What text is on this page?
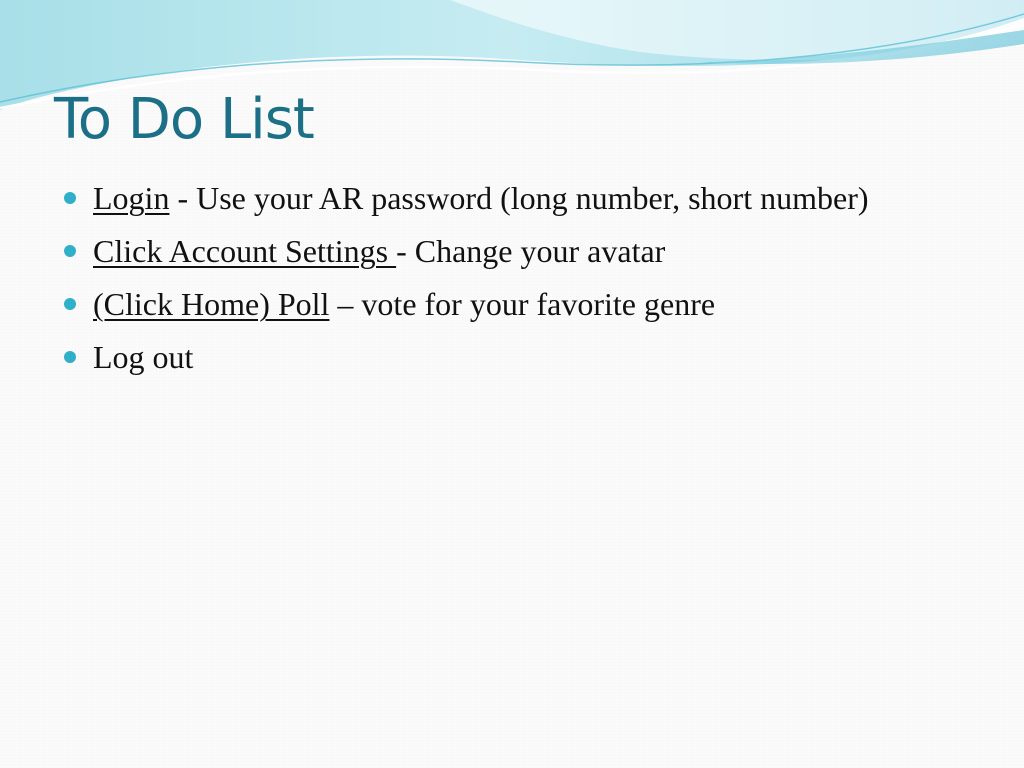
To Do List
Login - Use your AR password (long number, short number)
Click Account Settings - Change your avatar
(Click Home) Poll – vote for your favorite genre
Log out
